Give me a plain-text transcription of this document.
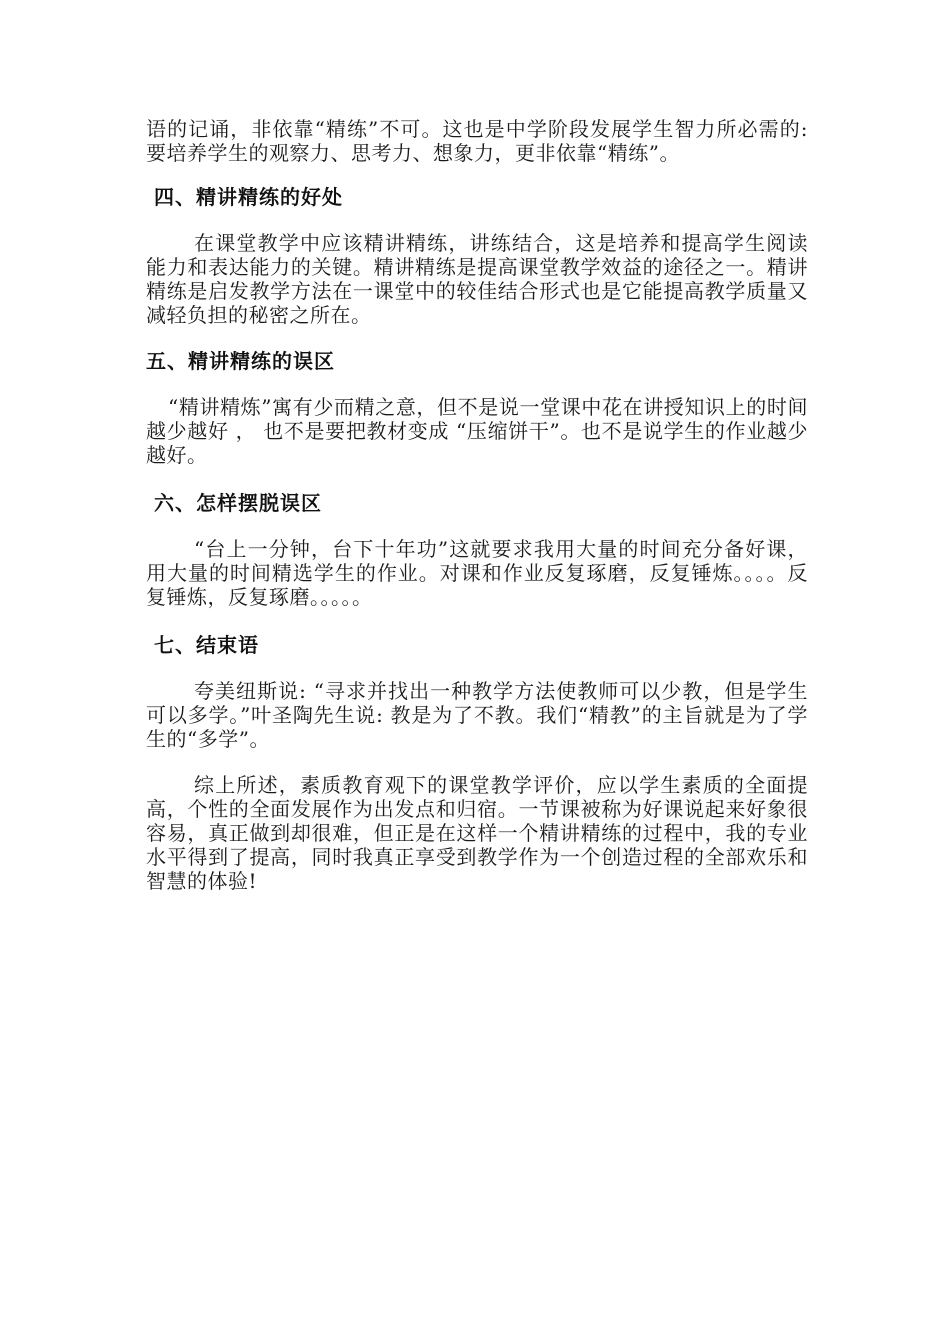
语的记诵，非依靠“精练”不可。这也是中学阶段发展学生智力所必需的: 要培养学生的观察力、思考力、想象力，更非依靠“精练”。

四、精讲精练的好处

在课堂教学中应该精讲精练，讲练结合，这是培养和提高学生阅读能力和表达能力的关键。精讲精练是提高课堂教学效益的途径之一。精讲精练是启发教学方法在一课堂中的较佳结合形式也是它能提高教学质量又减轻负担的秘密之所在。

五、精讲精练的误区

“精讲精炼”寓有少而精之意，但不是说一堂课中花在讲授知识上的时间越少越好 ， 也不是要把教材变成 “压缩饼干”。也不是说学生的作业越少越好。

六、怎样摆脱误区

“台上一分钟，台下十年功”这就要求我用大量的时间充分备好课，用大量的时间精选学生的作业。对课和作业反复琢磨，反复锤炼。。。。反复锤炼，反复琢磨。。。。。

七、结束语

夸美纽斯说: “寻求并找出一种教学方法使教师可以少教，但是学生可以多学。”叶圣陶先生说: 教是为了不教。我们“精教”的主旨就是为了学生的“多学”。

综上所述，素质教育观下的课堂教学评价，应以学生素质的全面提高，个性的全面发展作为出发点和归宿。一节课被称为好课说起来好象很容易，真正做到却很难，但正是在这样一个精讲精练的过程中，我的专业水平得到了提高，同时我真正享受到教学作为一个创造过程的全部欢乐和智慧的体验!
